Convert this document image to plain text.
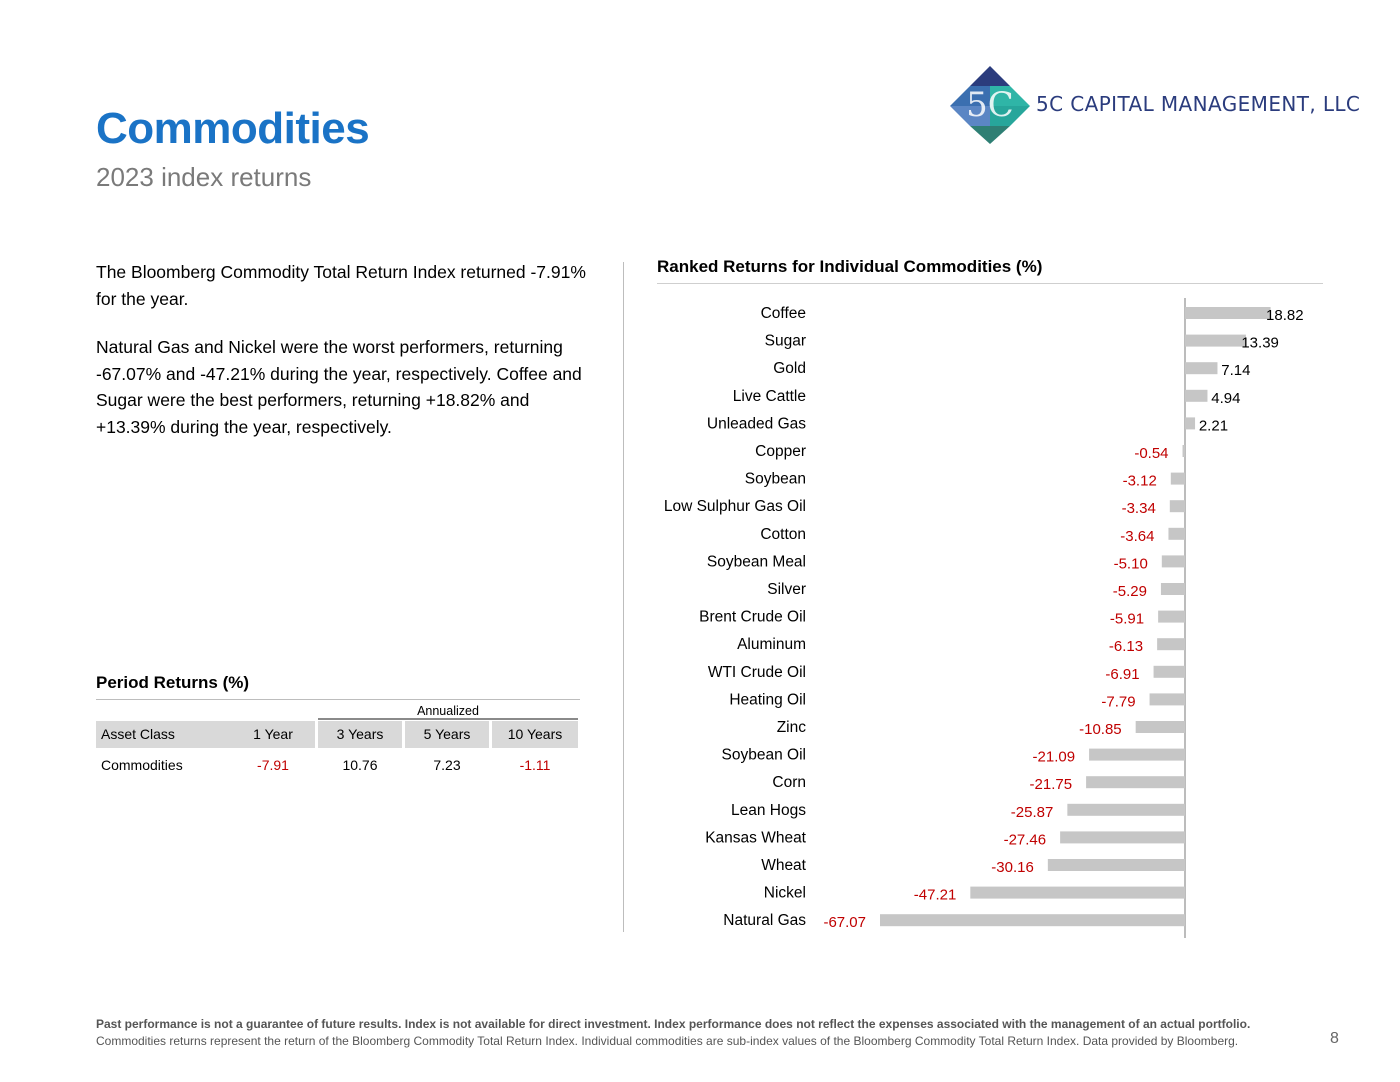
Commodities
2023 index returns
5C 5C CAPITAL MANAGEMENT, LLC
The Bloomberg Commodity Total Return Index returned -7.91% for the year.
Natural Gas and Nickel were the worst performers, returning -67.07% and -47.21% during the year, respectively. Coffee and Sugar were the best performers, returning +18.82% and +13.39% during the year, respectively.
Period Returns (%)
Annualized
Asset Class	1 Year	3 Years	5 Years	10 Years
Commodities	-7.91	10.76	7.23	-1.11
Ranked Returns for Individual Commodities (%)
Coffee	18.82
Sugar	13.39
Gold	7.14
Live Cattle	4.94
Unleaded Gas	2.21
Copper	-0.54
Soybean	-3.12
Low Sulphur Gas Oil	-3.34
Cotton	-3.64
Soybean Meal	-5.10
Silver	-5.29
Brent Crude Oil	-5.91
Aluminum	-6.13
WTI Crude Oil	-6.91
Heating Oil	-7.79
Zinc	-10.85
Soybean Oil	-21.09
Corn	-21.75
Lean Hogs	-25.87
Kansas Wheat	-27.46
Wheat	-30.16
Nickel	-47.21
Natural Gas -67.07
Past performance is not a guarantee of future results. Index is not available for direct investment. Index performance does not reflect the expenses associated with the management of an actual portfolio.
Commodities returns represent the return of the Bloomberg Commodity Total Return Index. Individual commodities are sub-index values of the Bloomberg Commodity Total Return Index. Data provided by Bloomberg.	8
